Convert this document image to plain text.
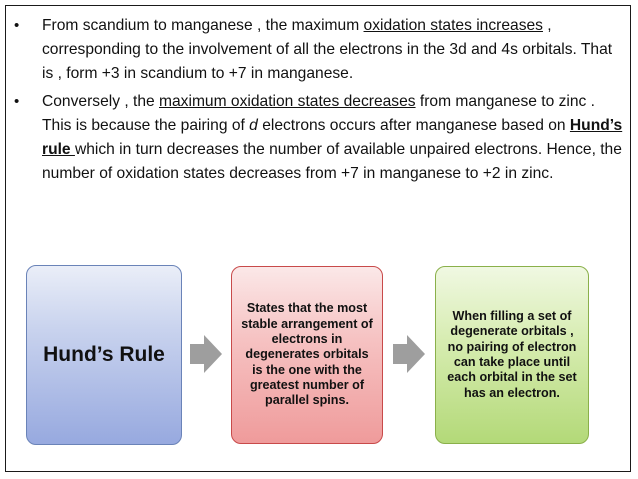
•	From scandium to manganese , the maximum oxidation states increases , corresponding to the involvement of all the electrons in the 3d and 4s orbitals. That is , form +3 in scandium to +7 in manganese.
•	Conversely , the maximum oxidation states decreases from manganese to zinc . This is because the pairing of d electrons occurs after manganese based on Hund’s rule which in turn decreases the number of available unpaired electrons. Hence, the number of oxidation states decreases from +7 in manganese to +2 in zinc.
Hund’s Rule
States that the most stable arrangement of electrons in degenerates orbitals is the one with the greatest number of parallel spins.
When filling a set of degenerate orbitals , no pairing of electron can take place until each orbital in the set has an electron.
